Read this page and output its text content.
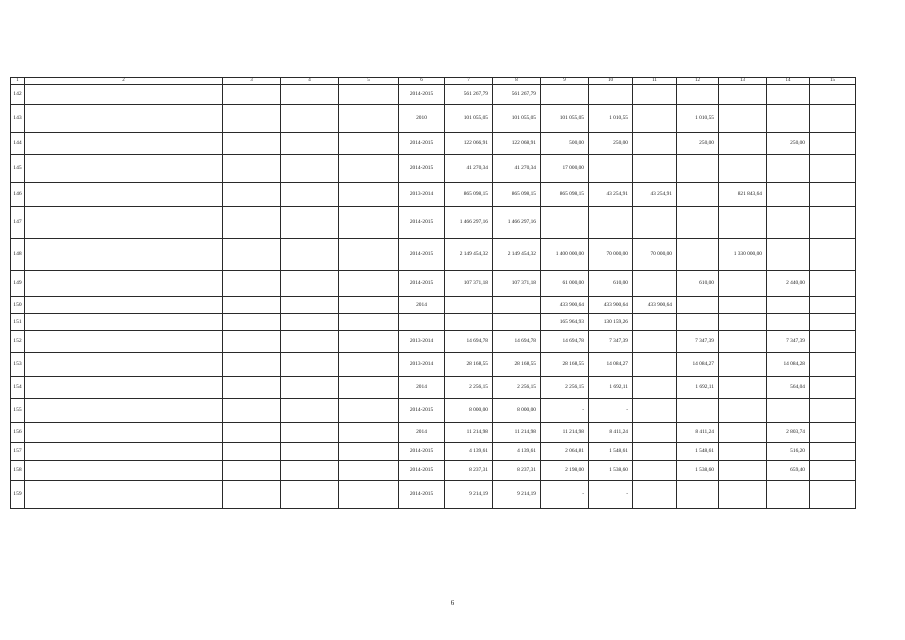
1	2	3	4	5	6	7	8	9	10	11	12	13	14	15
142					2014-2015	561 267,79	561 267,79							
143					2010	101 055,05	101 055,05	101 055,05	1 010,55		1 010,55			
144					2014-2015	122 066,91	122 068,91	500,00	250,00		250,00		250,00	
145					2014-2015	41 270,34	41 270,34	17 000,00						
146					2013-2014	865 098,15	865 098,15	865 098,15	43 254,91	43 254,91		821 843,64		
147					2014-2015	1 466 297,16	1 466 297,16							
148					2014-2015	2 149 454,32	2 149 454,32	1 400 000,00	70 000,00	70 000,00		1 330 000,00		
149					2014-2015	107 371,18	107 371,18	61 000,00	610,00		610,00		2 440,00	
150					2014			433 900,64	433 900,64	433 900,64				
151								165 964,93	130 159,26					
152					2013-2014	14 694,78	14 694,78	14 694,78	7 347,39		7 347,39		7 347,39	
153					2013-2014	28 168,55	28 168,55	28 168,55	14 084,27		14 084,27		14 084,28	
154					2014	2 256,15	2 256,15	2 256,15	1 692,11		1 692,11		564,04	
155					2014-2015	8 000,00	8 000,00	-	-					
156					2014	11 214,98	11 214,98	11 214,98	8 411,24		8 411,24		2 803,74	
157					2014-2015	4 139,61	4 139,61	2 064,81	1 548,61		1 548,61		516,20	
158					2014-2015	8 237,31	8 237,31	2 198,00	1 538,60		1 538,60		659,40	
159					2014-2015	9 214,19	9 214,19	-	-					
6
